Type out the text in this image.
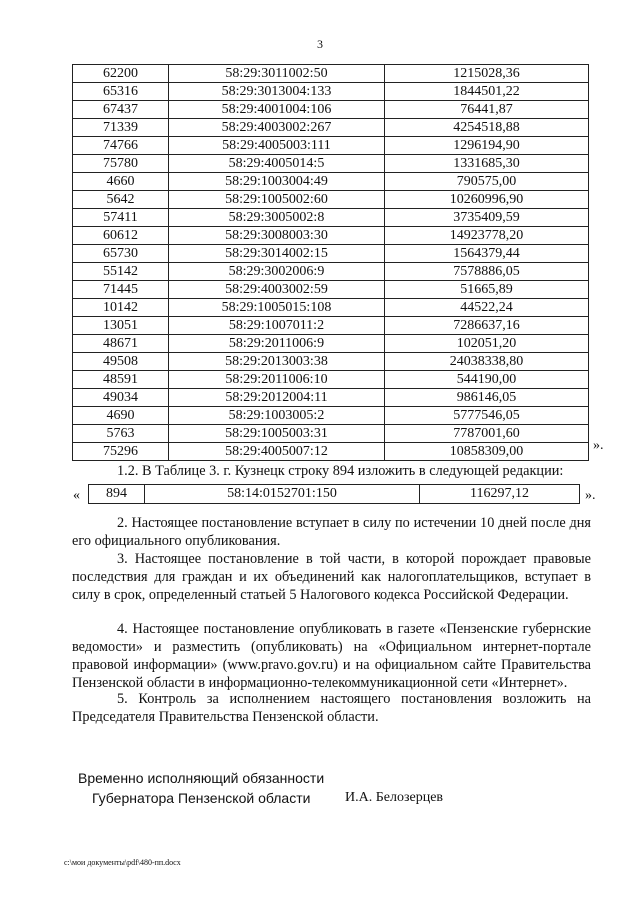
3
62200	58:29:3011002:50	1215028,36
65316	58:29:3013004:133	1844501,22
67437	58:29:4001004:106	76441,87
71339	58:29:4003002:267	4254518,88
74766	58:29:4005003:111	1296194,90
75780	58:29:4005014:5	1331685,30
4660	58:29:1003004:49	790575,00
5642	58:29:1005002:60	10260996,90
57411	58:29:3005002:8	3735409,59
60612	58:29:3008003:30	14923778,20
65730	58:29:3014002:15	1564379,44
55142	58:29:3002006:9	7578886,05
71445	58:29:4003002:59	51665,89
10142	58:29:1005015:108	44522,24
13051	58:29:1007011:2	7286637,16
48671	58:29:2011006:9	102051,20
49508	58:29:2013003:38	24038338,80
48591	58:29:2011006:10	544190,00
49034	58:29:2012004:11	986146,05
4690	58:29:1003005:2	5777546,05
5763	58:29:1005003:31	7787001,60
75296	58:29:4005007:12	10858309,00	».
1.2. В Таблице 3. г. Кузнецк строку 894 изложить в следующей редакции:
« 894	58:14:0152701:150	116297,12	».
2. Настоящее постановление вступает в силу по истечении 10 дней после дня его официального опубликования.
3. Настоящее постановление в той части, в которой порождает правовые последствия для граждан и их объединений как налогоплательщиков, вступает в силу в срок, определенный статьей 5 Налогового кодекса Российской Федерации.
4. Настоящее постановление опубликовать в газете «Пензенские губернские ведомости» и разместить (опубликовать) на «Официальном интернет-портале правовой информации» (www.pravo.gov.ru) и на официальном сайте Правительства Пензенской области в информационно-телекоммуникационной сети «Интернет».
5. Контроль за исполнением настоящего постановления возложить на Председателя Правительства Пензенской области.
Временно исполняющий обязанности
Губернатора Пензенской области И.А. Белозерцев
c:\мои документы\pdf\480-пп.docx
